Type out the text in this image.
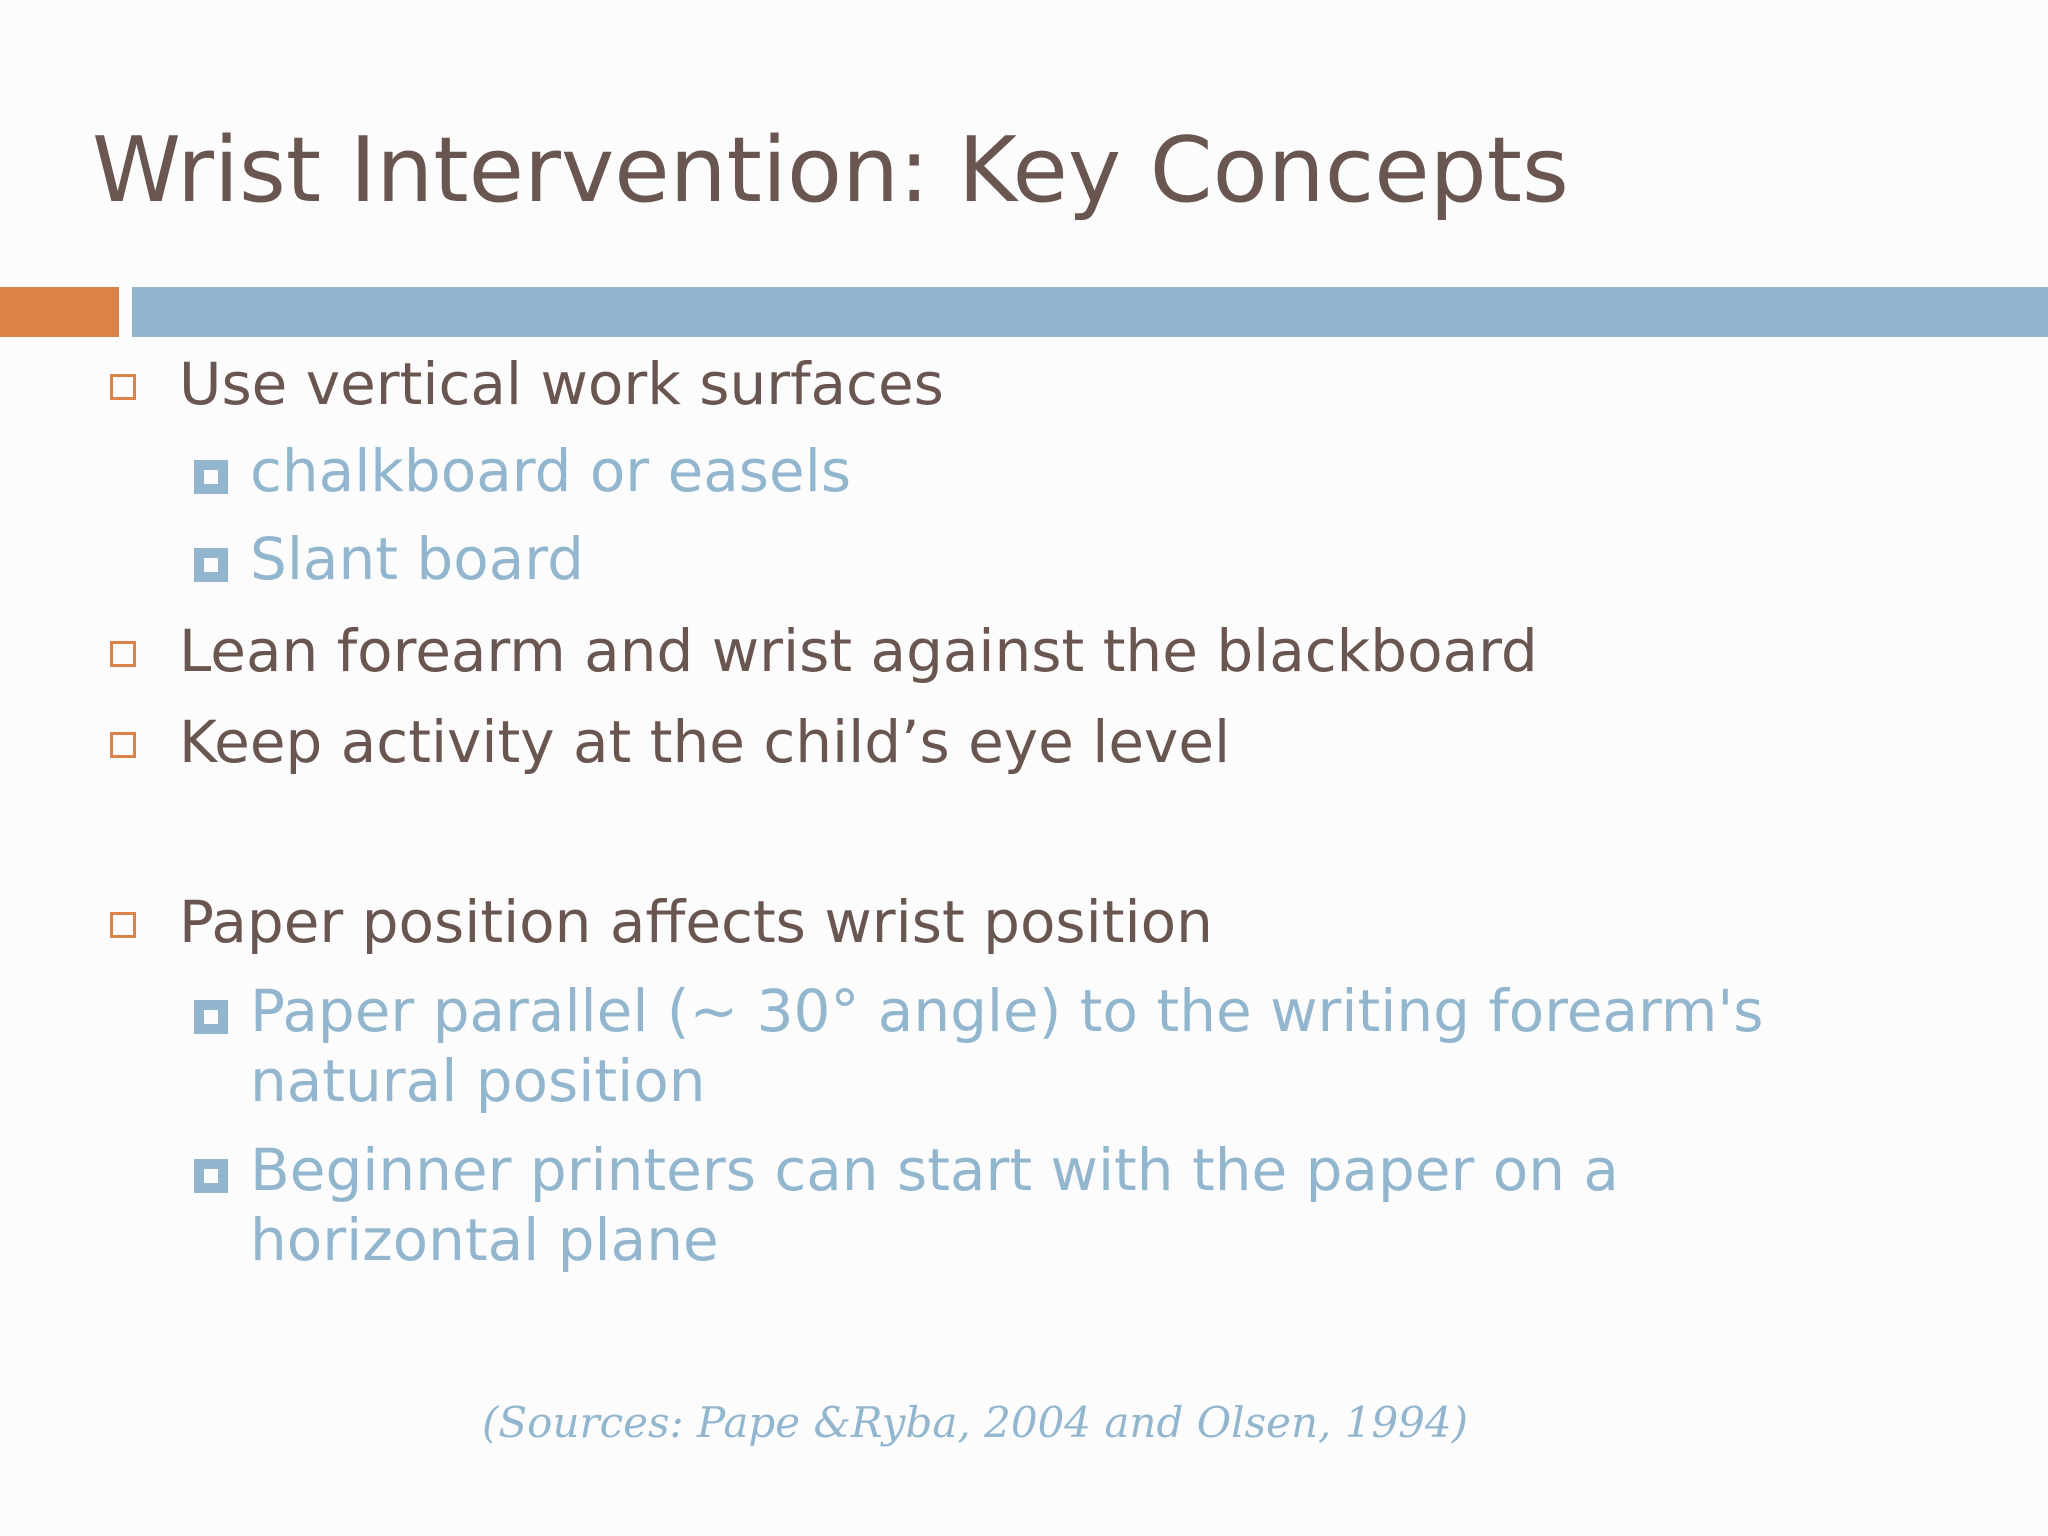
Wrist Intervention: Key Concepts
Use vertical work surfaces
chalkboard or easels
Slant board
Lean forearm and wrist against the blackboard
Keep activity at the child’s eye level
Paper position affects wrist position
Paper parallel (~ 30° angle) to the writing forearm's
natural position
Beginner printers can start with the paper on a
horizontal plane
(Sources: Pape &Ryba, 2004 and Olsen, 1994)
